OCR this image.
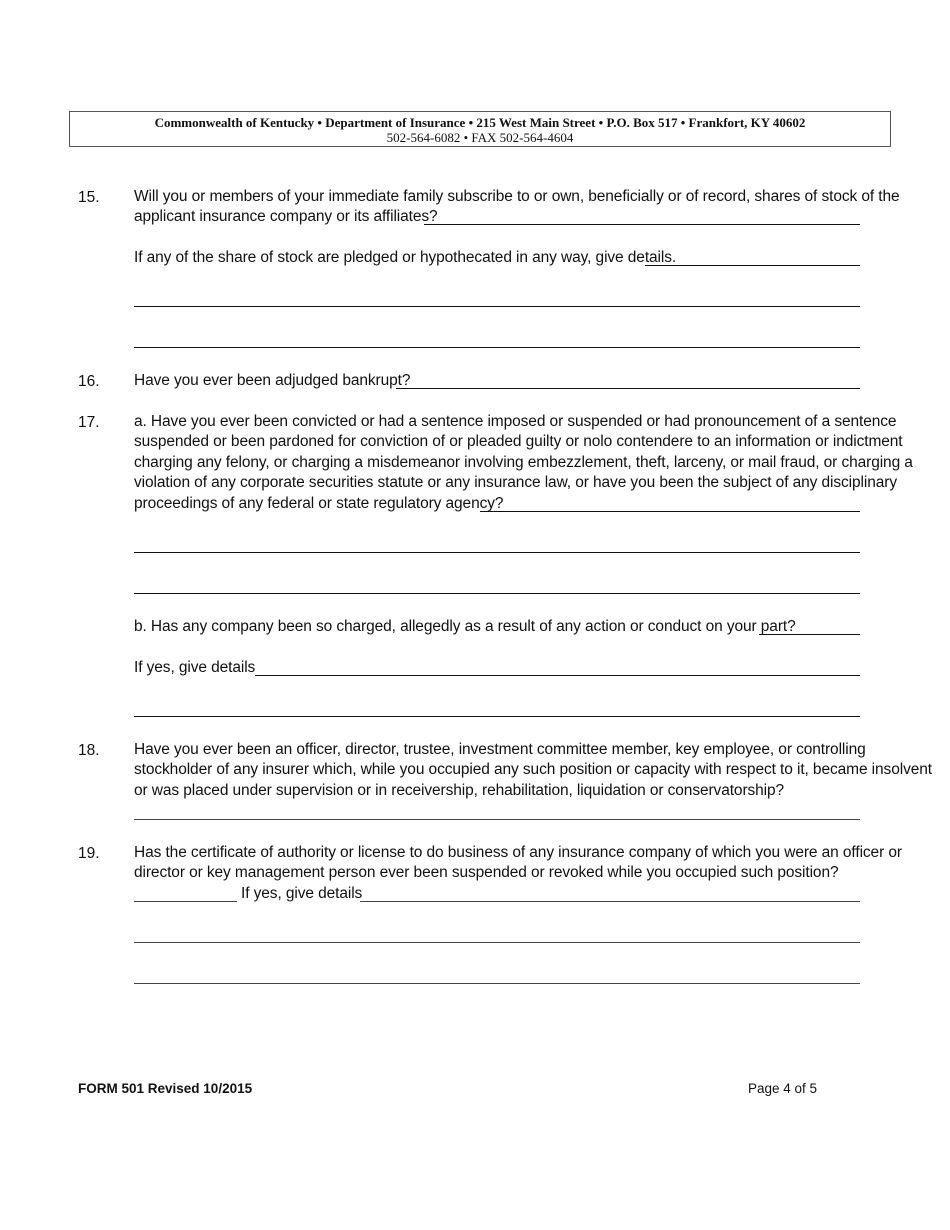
Commonwealth of Kentucky • Department of Insurance • 215 West Main Street • P.O. Box 517 • Frankfort, KY 40602
502-564-6082 • FAX 502-564-4604
15. Will you or members of your immediate family subscribe to or own, beneficially or of record, shares of stock of the
applicant insurance company or its affiliates?
If any of the share of stock are pledged or hypothecated in any way, give details.
16. Have you ever been adjudged bankrupt?
17. a. Have you ever been convicted or had a sentence imposed or suspended or had pronouncement of a sentence
suspended or been pardoned for conviction of or pleaded guilty or nolo contendere to an information or indictment
charging any felony, or charging a misdemeanor involving embezzlement, theft, larceny, or mail fraud, or charging a
violation of any corporate securities statute or any insurance law, or have you been the subject of any disciplinary
proceedings of any federal or state regulatory agency?
b. Has any company been so charged, allegedly as a result of any action or conduct on your part?
If yes, give details
18. Have you ever been an officer, director, trustee, investment committee member, key employee, or controlling
stockholder of any insurer which, while you occupied any such position or capacity with respect to it, became insolvent
or was placed under supervision or in receivership, rehabilitation, liquidation or conservatorship?
19. Has the certificate of authority or license to do business of any insurance company of which you were an officer or
director or key management person ever been suspended or revoked while you occupied such position?
If yes, give details
FORM 501 Revised 10/2015	Page 4 of 5
